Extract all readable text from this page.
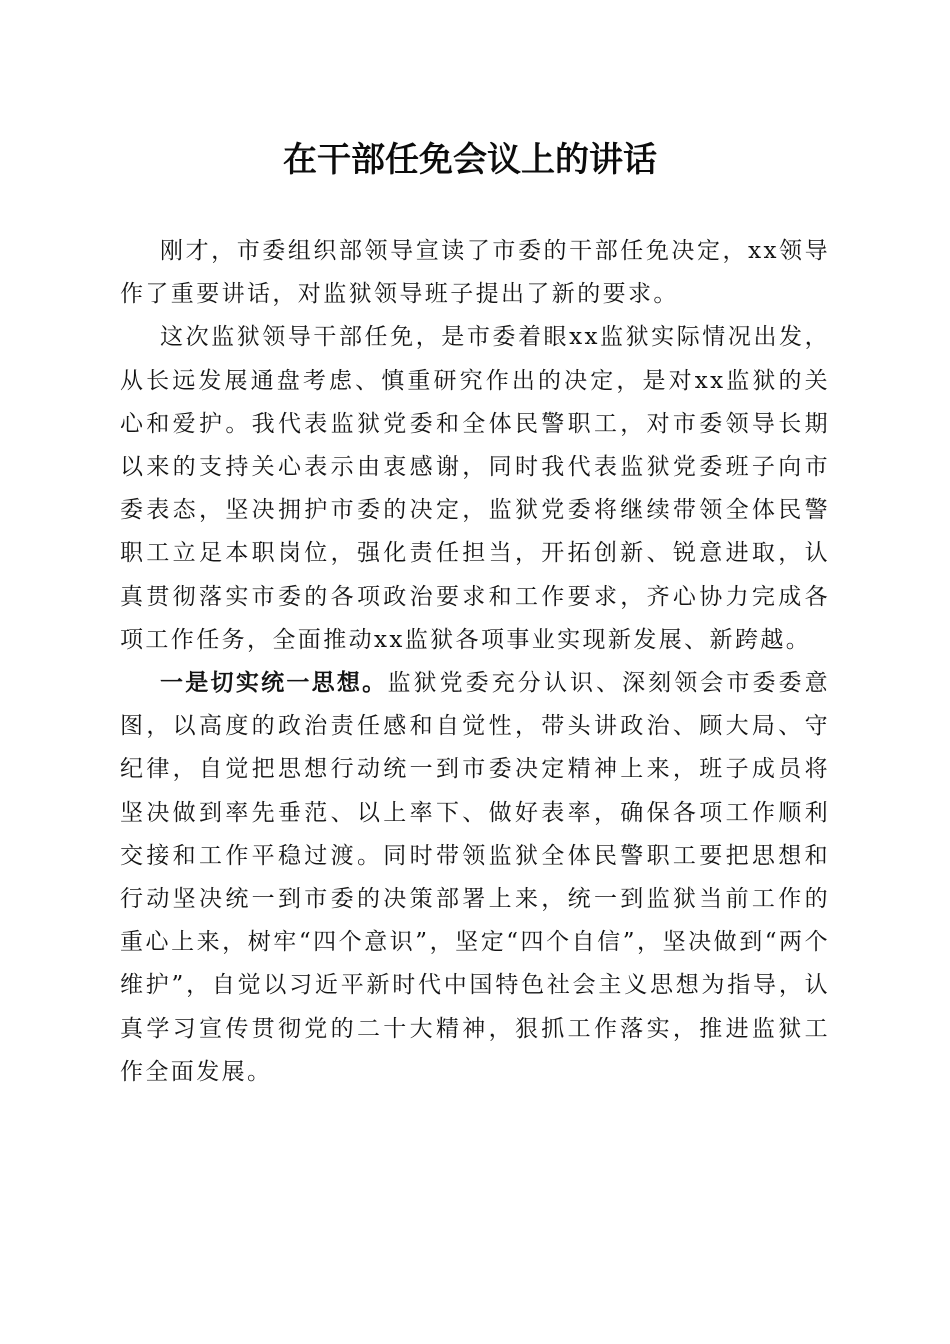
在干部任免会议上的讲话

刚才，市委组织部领导宣读了市委的干部任免决定，xx领导作了重要讲话，对监狱领导班子提出了新的要求。

这次监狱领导干部任免，是市委着眼xx监狱实际情况出发，从长远发展通盘考虑、慎重研究作出的决定，是对xx监狱的关心和爱护。我代表监狱党委和全体民警职工，对市委领导长期以来的支持关心表示由衷感谢，同时我代表监狱党委班子向市委表态，坚决拥护市委的决定，监狱党委将继续带领全体民警职工立足本职岗位，强化责任担当，开拓创新、锐意进取，认真贯彻落实市委的各项政治要求和工作要求，齐心协力完成各项工作任务，全面推动xx监狱各项事业实现新发展、新跨越。

一是切实统一思想。监狱党委充分认识、深刻领会市委委意图，以高度的政治责任感和自觉性，带头讲政治、顾大局、守纪律，自觉把思想行动统一到市委决定精神上来，班子成员将坚决做到率先垂范、以上率下、做好表率，确保各项工作顺利交接和工作平稳过渡。同时带领监狱全体民警职工要把思想和行动坚决统一到市委的决策部署上来，统一到监狱当前工作的重心上来，树牢“四个意识”，坚定“四个自信”，坚决做到“两个维护”，自觉以习近平新时代中国特色社会主义思想为指导，认真学习宣传贯彻党的二十大精神，狠抓工作落实，推进监狱工作全面发展。
